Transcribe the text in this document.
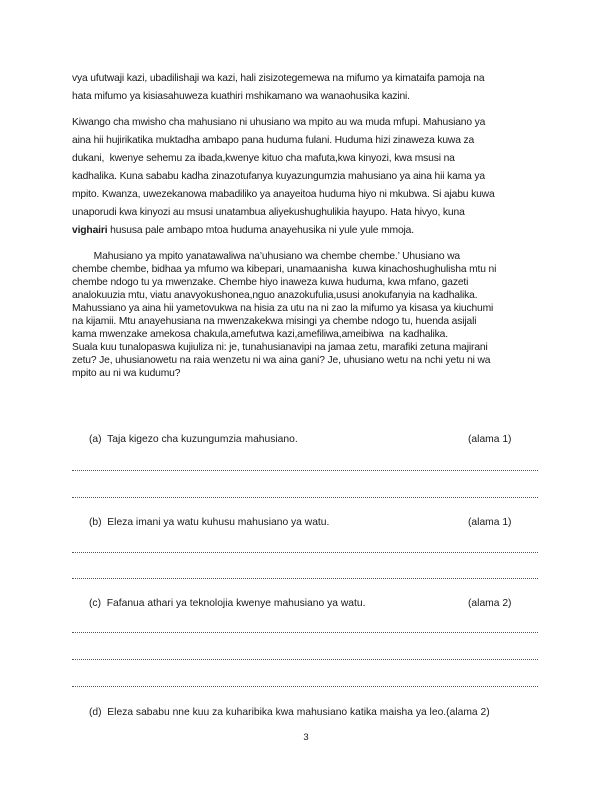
vya ufutwaji kazi, ubadilishaji wa kazi, hali zisizotegemewa na mifumo ya kimataifa pamoja na
hata mifumo ya kisiasahuweza kuathiri mshikamano wa wanaohusika kazini.
Kiwango cha mwisho cha mahusiano ni uhusiano wa mpito au wa muda mfupi. Mahusiano ya
aina hii hujirikatika muktadha ambapo pana huduma fulani. Huduma hizi zinaweza kuwa za
dukani,  kwenye sehemu za ibada,kwenye kituo cha mafuta,kwa kinyozi, kwa msusi na
kadhalika. Kuna sababu kadha zinazotufanya kuyazungumzia mahusiano ya aina hii kama ya
mpito. Kwanza, uwezekanowa mabadiliko ya anayeitoa huduma hiyo ni mkubwa. Si ajabu kuwa
unaporudi kwa kinyozi au msusi unatambua aliyekushughulikia hayupo. Hata hivyo, kuna
vighairi hususa pale ambapo mtoa huduma anayehusika ni yule yule mmoja.
Mahusiano ya mpito yanatawaliwa na’uhusiano wa chembe chembe.’ Uhusiano wa
chembe chembe, bidhaa ya mfumo wa kibepari, unamaanisha  kuwa kinachoshughulisha mtu ni
chembe ndogo tu ya mwenzake. Chembe hiyo inaweza kuwa huduma, kwa mfano, gazeti
analokuuzia mtu, viatu anavyokushonea,nguo anazokufulia,ususi anokufanyia na kadhalika.
Mahussiano ya aina hii yametovukwa na hisia za utu na ni zao la mifumo ya kisasa ya kiuchumi
na kijamii. Mtu anayehusiana na mwenzakekwa misingi ya chembe ndogo tu, huenda asijali
kama mwenzake amekosa chakula,amefutwa kazi,amefiliwa,ameibiwa  na kadhalika.
Suala kuu tunalopaswa kujiuliza ni: je, tunahusianavipi na jamaa zetu, marafiki zetuna majirani
zetu? Je, uhusianowetu na raia wenzetu ni wa aina gani? Je, uhusiano wetu na nchi yetu ni wa
mpito au ni wa kudumu?
(a)  Taja kigezo cha kuzungumzia mahusiano.	(alama 1)
(b)  Eleza imani ya watu kuhusu mahusiano ya watu.	(alama 1)
(c)  Fafanua athari ya teknolojia kwenye mahusiano ya watu.	(alama 2)
(d)  Eleza sababu nne kuu za kuharibika kwa mahusiano katika maisha ya leo.(alama 2)
3
